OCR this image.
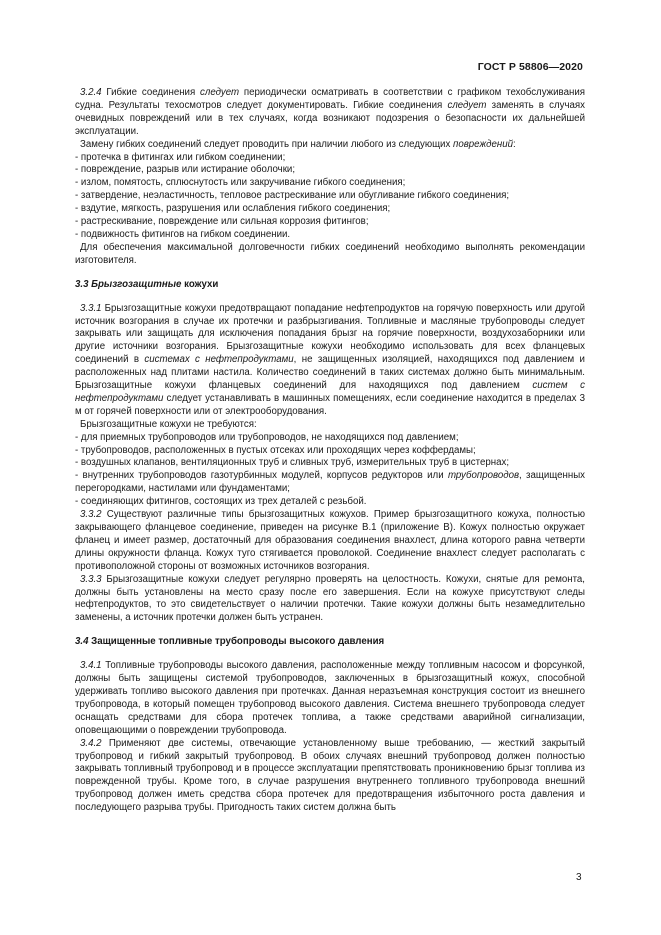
ГОСТ Р 58806—2020

3.2.4 Гибкие соединения следует периодически осматривать в соответствии с графиком техобслуживания судна. Результаты техосмотров следует документировать. Гибкие соединения следует заменять в случаях очевидных повреждений или в тех случаях, когда возникают подозрения о безопасности их дальнейшей эксплуатации.

Замену гибких соединений следует проводить при наличии любого из следующих повреждений:

- протечка в фитингах или гибком соединении;

- повреждение, разрыв или истирание оболочки;

- излом, помятость, сплюснутость или закручивание гибкого соединения;

- затвердение, неэластичность, тепловое растрескивание или обугливание гибкого соединения;

- вздутие, мягкость, разрушения или ослабления гибкого соединения;

- растрескивание, повреждение или сильная коррозия фитингов;

- подвижность фитингов на гибком соединении.

Для обеспечения максимальной долговечности гибких соединений необходимо выполнять рекомендации изготовителя.

3.3 Брызгозащитные кожухи

3.3.1 Брызгозащитные кожухи предотвращают попадание нефтепродуктов на горячую поверхность или другой источник возгорания в случае их протечки и разбрызгивания. Топливные и масляные трубопроводы следует закрывать или защищать для исключения попадания брызг на горячие поверхности, воздухозаборники или другие источники возгорания. Брызгозащитные кожухи необходимо использовать для всех фланцевых соединений в системах с нефтепродуктами, не защищенных изоляцией, находящихся под давлением и расположенных над плитами настила. Количество соединений в таких системах должно быть минимальным. Брызгозащитные кожухи фланцевых соединений для находящихся под давлением систем с нефтепродуктами следует устанавливать в машинных помещениях, если соединение находится в пределах 3 м от горячей поверхности или от электрооборудования.

Брызгозащитные кожухи не требуются:

- для приемных трубопроводов или трубопроводов, не находящихся под давлением;

- трубопроводов, расположенных в пустых отсеках или проходящих через коффердамы;

- воздушных клапанов, вентиляционных труб и сливных труб, измерительных труб в цистернах;

- внутренних трубопроводов газотурбинных модулей, корпусов редукторов или трубопроводов, защищенных перегородками, настилами или фундаментами;

- соединяющих фитингов, состоящих из трех деталей с резьбой.

3.3.2 Существуют различные типы брызгозащитных кожухов. Пример брызгозащитного кожуха, полностью закрывающего фланцевое соединение, приведен на рисунке В.1 (приложение В). Кожух полностью окружает фланец и имеет размер, достаточный для образования соединения внахлест, длина которого равна четверти длины окружности фланца. Кожух туго стягивается проволокой. Соединение внахлест следует располагать с противоположной стороны от возможных источников возгорания.

3.3.3 Брызгозащитные кожухи следует регулярно проверять на целостность. Кожухи, снятые для ремонта, должны быть установлены на место сразу после его завершения. Если на кожухе присутствуют следы нефтепродуктов, то это свидетельствует о наличии протечки. Такие кожухи должны быть незамедлительно заменены, а источник протечки должен быть устранен.

3.4 Защищенные топливные трубопроводы высокого давления

3.4.1 Топливные трубопроводы высокого давления, расположенные между топливным насосом и форсункой, должны быть защищены системой трубопроводов, заключенных в брызгозащитный кожух, способной удерживать топливо высокого давления при протечках. Данная неразъемная конструкция состоит из внешнего трубопровода, в который помещен трубопровод высокого давления. Система внешнего трубопровода следует оснащать средствами для сбора протечек топлива, а также средствами аварийной сигнализации, оповещающими о повреждении трубопровода.

3.4.2 Применяют две системы, отвечающие установленному выше требованию, — жесткий закрытый трубопровод и гибкий закрытый трубопровод. В обоих случаях внешний трубопровод должен полностью закрывать топливный трубопровод и в процессе эксплуатации препятствовать проникновению брызг топлива из поврежденной трубы. Кроме того, в случае разрушения внутреннего топливного трубопровода внешний трубопровод должен иметь средства сбора протечек для предотвращения избыточного роста давления и последующего разрыва трубы. Пригодность таких систем должна быть

3
